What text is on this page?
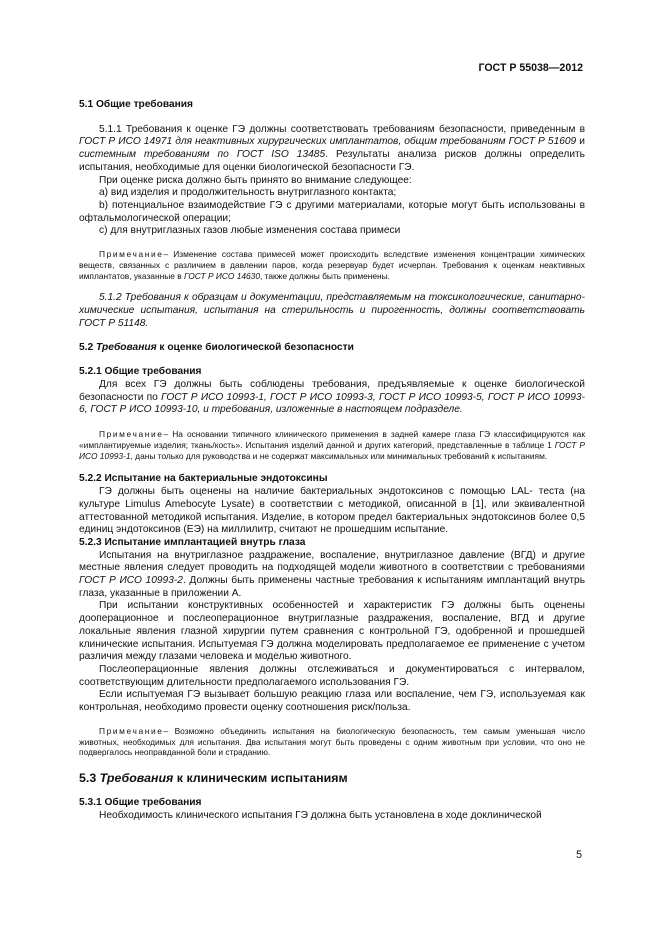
ГОСТ Р 55038—2012

5.1 Общие требования

5.1.1 Требования к оценке ГЭ должны соответствовать требованиям безопасности, приведенным в ГОСТ Р ИСО 14971 для неактивных хирургических имплантатов, общим требованиям ГОСТ Р 51609 и системным требованиям по ГОСТ ISO 13485. Результаты анализа рисков должны определить испытания, необходимые для оценки биологической безопасности ГЭ.

При оценке риска должно быть принято во внимание следующее:

а) вид изделия и продолжительность внутриглазного контакта;

b) потенциальное взаимодействие ГЭ с другими материалами, которые могут быть использованы в офтальмологической операции;

с) для внутриглазных газов любые изменения состава примеси

Примечание– Изменение состава примесей может происходить вследствие изменения концентрации химических веществ, связанных с различием в давлении паров, когда резервуар будет исчерпан. Требования к оценкам неактивных имплантатов, указанные в ГОСТ Р ИСО 14630, также должны быть применены.

5.1.2 Требования к образцам и документации, представляемым на токсикологические, санитарно-химические испытания, испытания на стерильность и пирогенность, должны соответствовать ГОСТ Р 51148.

5.2 Требования к оценке биологической безопасности

5.2.1 Общие требования

Для всех ГЭ должны быть соблюдены требования, предъявляемые к оценке биологической безопасности по ГОСТ Р ИСО 10993-1, ГОСТ Р ИСО 10993-3, ГОСТ Р ИСО 10993-5, ГОСТ Р ИСО 10993-6, ГОСТ Р ИСО 10993-10, и требования, изложенные в настоящем подразделе.

Примечание– На основании типичного клинического применения в задней камере глаза ГЭ классифицируются как «имплантируемые изделия; ткань/кость». Испытания изделий данной и других категорий, представленные в таблице 1 ГОСТ Р ИСО 10993-1, даны только для руководства и не содержат максимальных или минимальных требований к испытаниям.

5.2.2 Испытание на бактериальные эндотоксины

ГЭ должны быть оценены на наличие бактериальных эндотоксинов с помощью LAL- теста (на культуре Limulus Amebocyte Lysate) в соответствии с методикой, описанной в [1], или эквивалентной аттестованной методикой испытания. Изделие, в котором предел бактериальных эндотоксинов более 0,5 единиц эндотоксинов (ЕЭ) на миллилитр, считают не прошедшим испытание.

5.2.3 Испытание имплантацией внутрь глаза

Испытания на внутриглазное раздражение, воспаление, внутриглазное давление (ВГД) и другие местные явления следует проводить на подходящей модели животного в соответствии с требованиями ГОСТ Р ИСО 10993-2. Должны быть применены частные требования к испытаниям имплантаций внутрь глаза, указанные в приложении А.

При испытании конструктивных особенностей и характеристик ГЭ должны быть оценены дооперационное и послеоперационное внутриглазные раздражения, воспаление, ВГД и другие локальные явления глазной хирургии путем сравнения с контрольной ГЭ, одобренной и прошедшей клинические испытания. Испытуемая ГЭ должна моделировать предполагаемое ее применение с учетом различия между глазами человека и моделью животного.

Послеоперационные явления должны отслеживаться и документироваться с интервалом, соответствующим длительности предполагаемого использования ГЭ.

Если испытуемая ГЭ вызывает большую реакцию глаза или воспаление, чем ГЭ, используемая как контрольная, необходимо провести оценку соотношения риск/польза.

Примечание– Возможно объединить испытания на биологическую безопасность, тем самым уменьшая число животных, необходимых для испытания. Два испытания могут быть проведены с одним животным при условии, что оно не подвергалось неоправданной боли и страданию.

5.3 Требования к клиническим испытаниям

5.3.1 Общие требования

Необходимость клинического испытания ГЭ должна быть установлена в ходе доклинической

5
